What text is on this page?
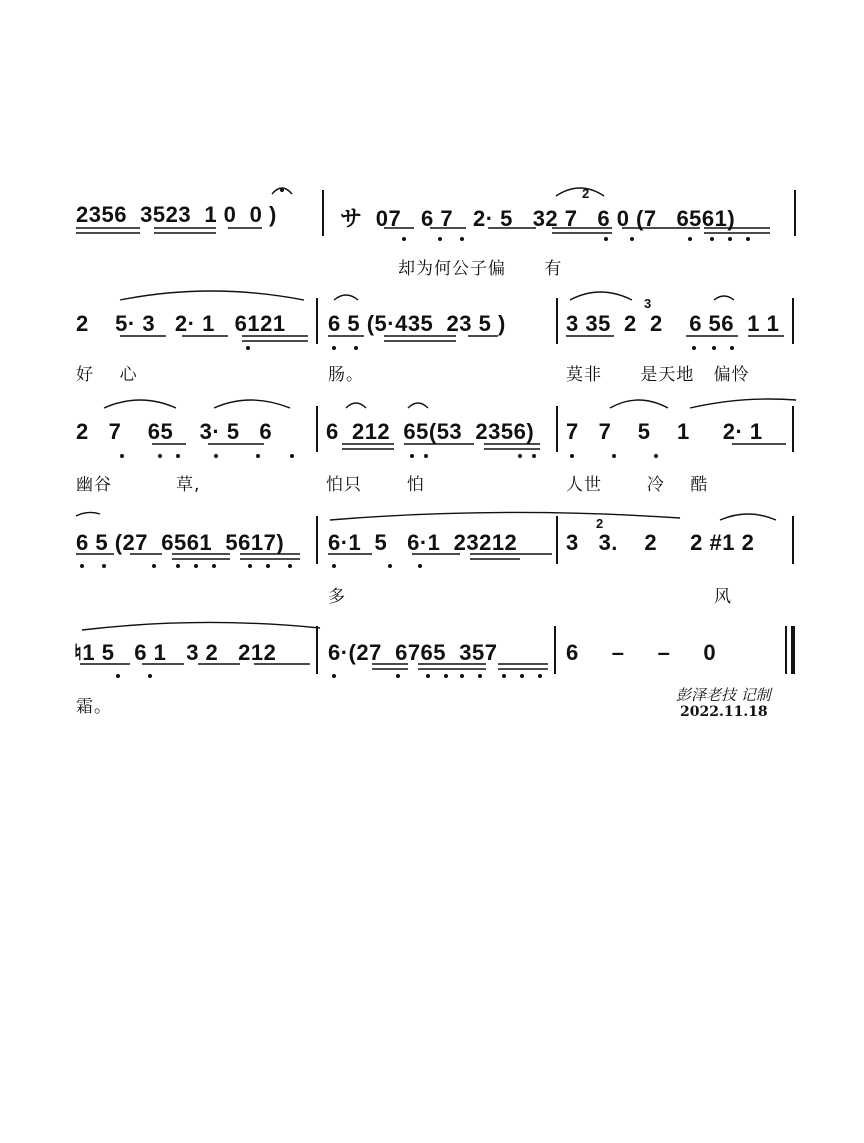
2356  3523  1 0  0 )	サ  07   6 7   2· 5   32 7   6 0 (7   6561)
却为何公子偏      有
2    5· 3   2· 1   6121 6 5 (5·435  23 5 )	3 35  2  2    6 56  1 1
好    心	肠。	莫非      是天地   偏怜
2   7    65    3· 5   6 6  212  65(53  2356) 7   7    5    1     2· 1
幽谷          草,	怕只       怕	人世       冷    酷
6 5 (27  6561  5617) 6·1  5   6·1  23212 3   3.    2     2 #1 2
多	风
♮1 5   6 1   3 2   212 6·(27  6765  357	6     –     –     0
霜。
彭泽老技 记制
2022.11.18
2
3
2
